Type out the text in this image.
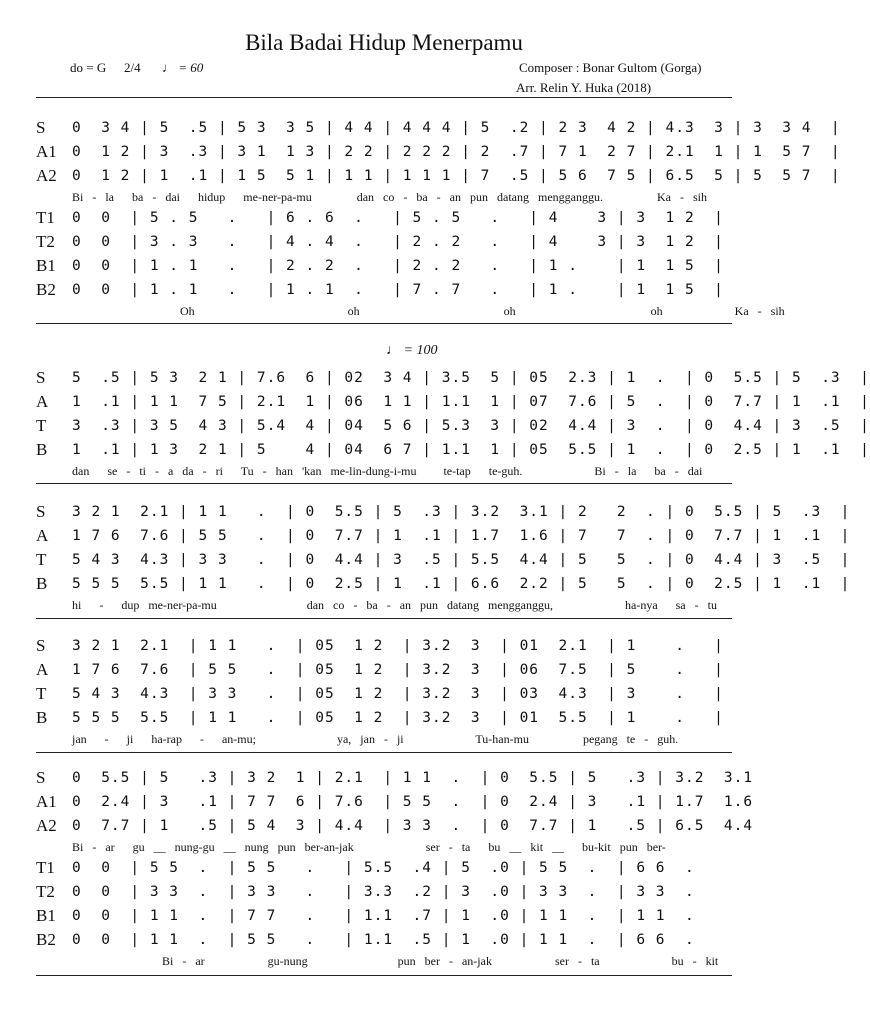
Bila Badai Hidup Menerpamu
do = G 2/4 ♩ = 60	Composer : Bonar Gultom (Gorga)
Arr. Relin Y. Huka (2018)
S	0  3 4 | 5  .5 | 5 3  3 5 | 4 4 | 4 4 4 | 5  .2 | 2 3  4 2 | 4.3  3 | 3  3 4  |
A1	0  1 2 | 3  .3 | 3 1  1 3 | 2 2 | 2 2 2 | 2  .7 | 7 1  2 7 | 2.1  1 | 1  5 7  |
A2	0  1 2 | 1  .1 | 1 5  5 1 | 1 1 | 1 1 1 | 7  .5 | 5 6  7 5 | 6.5  5 | 5  5 7  |
Bi - la  ba - dai  hidup  me-ner-pa-mu     dan co - ba - an pun datang mengganggu.      Ka - sih
T1	0  0  | 5 . 5   .   | 6 . 6  .   | 5 . 5   .   | 4    3 | 3  1 2  |
T2	0  0  | 3 . 3   .   | 4 . 4  .   | 2 . 2   .   | 4    3 | 3  1 2  |
B1	0  0  | 1 . 1   .   | 2 . 2  .   | 2 . 2   .   | 1 .    | 1  1 5  |
B2	0  0  | 1 . 1   .   | 1 . 1  .   | 7 . 7   .   | 1 .    | 1  1 5  |
Oh                 oh                oh               oh        Ka - sih
♩ = 100
S	5  .5 | 5 3  2 1 | 7.6  6 | 02  3 4 | 3.5  5 | 05  2.3 | 1  .  | 0  5.5 | 5  .3  |
A	1  .1 | 1 1  7 5 | 2.1  1 | 06  1 1 | 1.1  1 | 07  7.6 | 5  .  | 0  7.7 | 1  .1  |
T	3  .3 | 3 5  4 3 | 5.4  4 | 04  5 6 | 5.3  3 | 02  4.4 | 3  .  | 0  4.4 | 3  .5  |
B	1  .1 | 1 3  2 1 | 5    4 | 04  6 7 | 1.1  1 | 05  5.5 | 1  .  | 0  2.5 | 1  .1  |
dan  se - ti - a da - ri  Tu - han 'kan me-lin-dung-i-mu   te-tap  te-guh.        Bi - la  ba - dai
S	3 2 1  2.1 | 1 1   .  | 0  5.5 | 5  .3 | 3.2  3.1 | 2   2  . | 0  5.5 | 5  .3  |
A	1 7 6  7.6 | 5 5   .  | 0  7.7 | 1  .1 | 1.7  1.6 | 7   7  . | 0  7.7 | 1  .1  |
T	5 4 3  4.3 | 3 3   .  | 0  4.4 | 3  .5 | 5.5  4.4 | 5   5  . | 0  4.4 | 3  .5  |
B	5 5 5  5.5 | 1 1   .  | 0  2.5 | 1  .1 | 6.6  2.2 | 5   5  . | 0  2.5 | 1  .1  |
hi  -  dup me-ner-pa-mu          dan co - ba - an pun datang mengganggu,        ha-nya  sa - tu
S	3 2 1  2.1  | 1 1   .  | 05  1 2  | 3.2  3  | 01  2.1  | 1    .   |
A	1 7 6  7.6  | 5 5   .  | 05  1 2  | 3.2  3  | 06  7.5  | 5    .   |
T	5 4 3  4.3  | 3 3   .  | 05  1 2  | 3.2  3  | 03  4.3  | 3    .   |
B	5 5 5  5.5  | 1 1   .  | 05  1 2  | 3.2  3  | 01  5.5  | 1    .   |
jan  -  ji  ha-rap  -  an-mu;         ya, jan - ji        Tu-han-mu      pegang te - guh.
S	0  5.5 | 5   .3 | 3 2  1 | 2.1  | 1 1  .  | 0  5.5 | 5   .3 | 3.2  3.1
A1	0  2.4 | 3   .1 | 7 7  6 | 7.6  | 5 5  .  | 0  2.4 | 3   .1 | 1.7  1.6
A2	0  7.7 | 1   .5 | 5 4  3 | 4.4  | 3 3  .  | 0  7.7 | 1   .5 | 6.5  4.4
Bi - ar  gu __ nung-gu __ nung pun ber-an-jak        ser - ta  bu __ kit __  bu-kit pun ber-
T1	0  0  | 5 5  .  | 5 5   .   | 5.5  .4 | 5  .0 | 5 5  .  | 6 6  .
T2	0  0  | 3 3  .  | 3 3   .   | 3.3  .2 | 3  .0 | 3 3  .  | 3 3  .
B1	0  0  | 1 1  .  | 7 7   .   | 1.1  .7 | 1  .0 | 1 1  .  | 1 1  .
B2	0  0  | 1 1  .  | 5 5   .   | 1.1  .5 | 1  .0 | 1 1  .  | 6 6  .
Bi - ar       gu-nung          pun ber - an-jak       ser - ta        bu - kit
